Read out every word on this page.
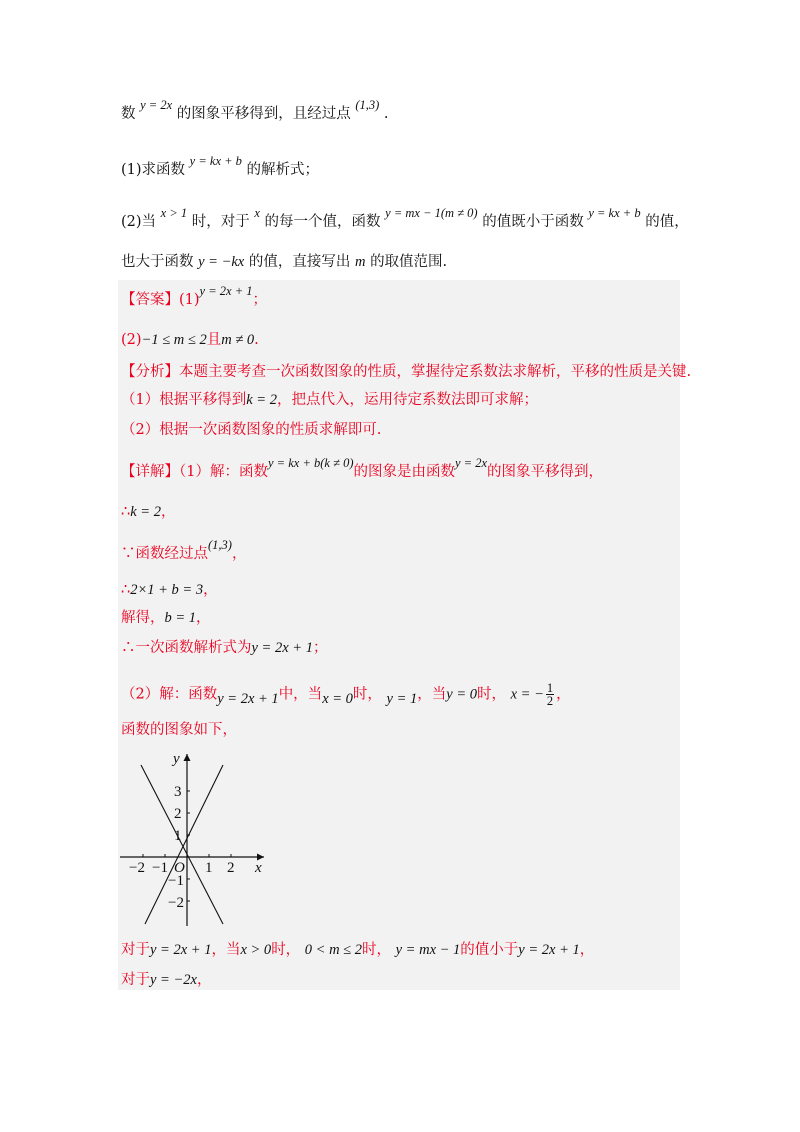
数 y = 2x 的图象平移得到，且经过点 (1,3) .
(1)求函数 y = kx + b 的解析式；
(2)当 x > 1 时，对于 x 的每一个值，函数 y = mx − 1(m ≠ 0) 的值既小于函数 y = kx + b 的值，
也大于函数 y = −kx 的值，直接写出 m 的取值范围.
【答案】(1)y = 2x + 1；
(2)−1 ≤ m ≤ 2且m ≠ 0.
【分析】本题主要考查一次函数图象的性质，掌握待定系数法求解析，平移的性质是关键.
（1）根据平移得到k = 2，把点代入，运用待定系数法即可求解；
（2）根据一次函数图象的性质求解即可.
【详解】（1）解：函数y = kx + b(k ≠ 0)的图象是由函数y = 2x的图象平移得到，
∴k = 2，
∵函数经过点(1,3)，
∴2×1 + b = 3，
解得，b = 1，
∴一次函数解析式为y = 2x + 1；
（2）解：函数y = 2x + 1中，当x = 0时， y = 1，当y = 0时， x = − $\frac{1}{2}$ ，
函数的图象如下，
y
x
O
−2 −1 1 2
3
2
1
−1
−2
对于y = 2x + 1，当x > 0时， 0 < m ≤ 2时， y = mx − 1的值小于y = 2x + 1，
对于y = −2x，
